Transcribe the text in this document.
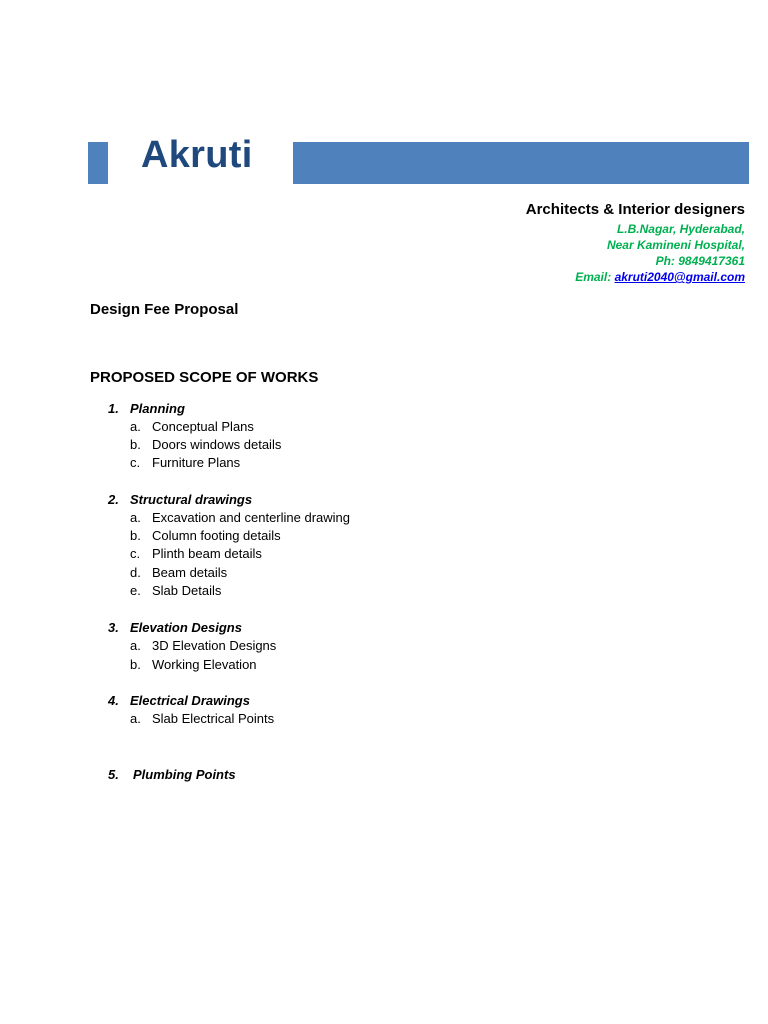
Akruti
Architects & Interior designers
L.B.Nagar, Hyderabad,
Near Kamineni Hospital,
Ph: 9849417361
Email: akruti2040@gmail.com
Design Fee Proposal
PROPOSED SCOPE OF WORKS
1. Planning
a. Conceptual Plans
b. Doors windows details
c. Furniture Plans
2. Structural drawings
a. Excavation and centerline drawing
b. Column footing details
c. Plinth beam details
d. Beam details
e. Slab Details
3. Elevation Designs
a. 3D Elevation Designs
b. Working Elevation
4. Electrical Drawings
a. Slab Electrical Points
5.	Plumbing Points
